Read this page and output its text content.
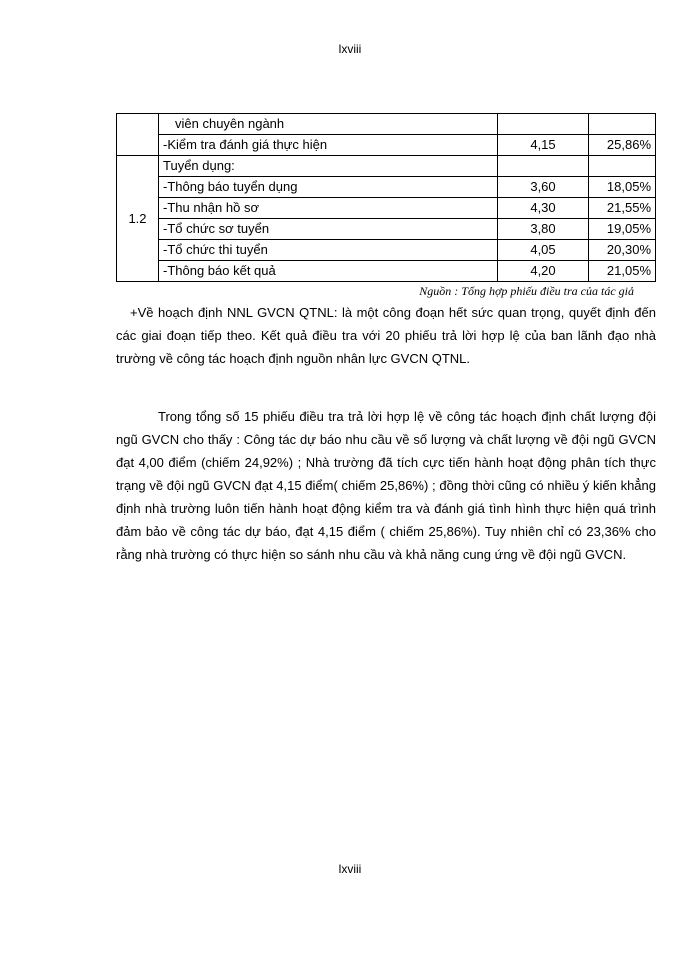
lxviii
	viên chuyên ngành		
	-Kiểm tra đánh giá thực hiện	4,15	25,86%
1.2	Tuyển dụng:		
	-Thông báo tuyển dụng	3,60	18,05%
	-Thu nhận hồ sơ	4,30	21,55%
	-Tổ chức sơ tuyển	3,80	19,05%
	-Tổ chức thi tuyển	4,05	20,30%
	-Thông báo kết quả	4,20	21,05%
Nguồn : Tổng hợp phiếu điều tra của tác giả

+Về hoạch định NNL GVCN QTNL: là một công đoạn hết sức quan trọng, quyết định đến các giai đoạn tiếp theo. Kết quả điều tra với 20 phiếu trả lời hợp lệ của ban lãnh đạo nhà trường về công tác hoạch định nguồn nhân lực GVCN QTNL.

Trong tổng số 15 phiếu điều tra trả lời hợp lệ về công tác hoạch định chất lượng đội ngũ GVCN cho thấy : Công tác dự báo nhu cầu về số lượng và chất lượng về đội ngũ GVCN đạt 4,00 điểm (chiếm 24,92%) ; Nhà trường đã tích cực tiến hành hoạt động phân tích thực trạng về đội ngũ GVCN đạt 4,15 điểm( chiếm 25,86%) ; đồng thời cũng có nhiều ý kiến khẳng định nhà trường luôn tiến hành hoạt động kiểm tra và đánh giá tình hình thực hiện quá trình đảm bảo về công tác dự báo, đạt 4,15 điểm ( chiếm 25,86%). Tuy nhiên chỉ có 23,36% cho rằng nhà trường có thực hiện so sánh nhu cầu và khả năng cung ứng về đội ngũ GVCN.

lxviii
